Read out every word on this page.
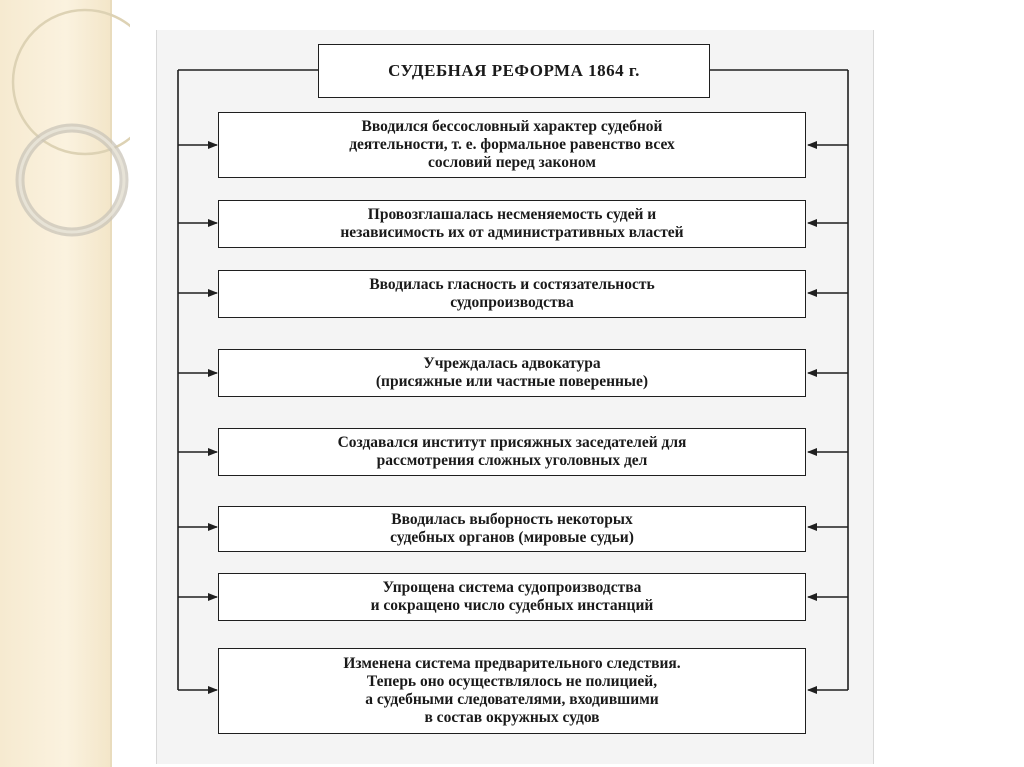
СУДЕБНАЯ РЕФОРМА 1864 г.
Вводился бессословный характер судебной
деятельности, т. е. формальное равенство всех
сословий перед законом
Провозглашалась несменяемость судей и
независимость их от административных властей
Вводилась гласность и состязательность
судопроизводства
Учреждалась адвокатура
(присяжные или частные поверенные)
Создавался институт присяжных заседателей для
рассмотрения сложных уголовных дел
Вводилась выборность некоторых
судебных органов (мировые судьи)
Упрощена система судопроизводства
и сокращено число судебных инстанций
Изменена система предварительного следствия.
Теперь оно осуществлялось не полицией,
а судебными следователями, входившими
в состав окружных судов
